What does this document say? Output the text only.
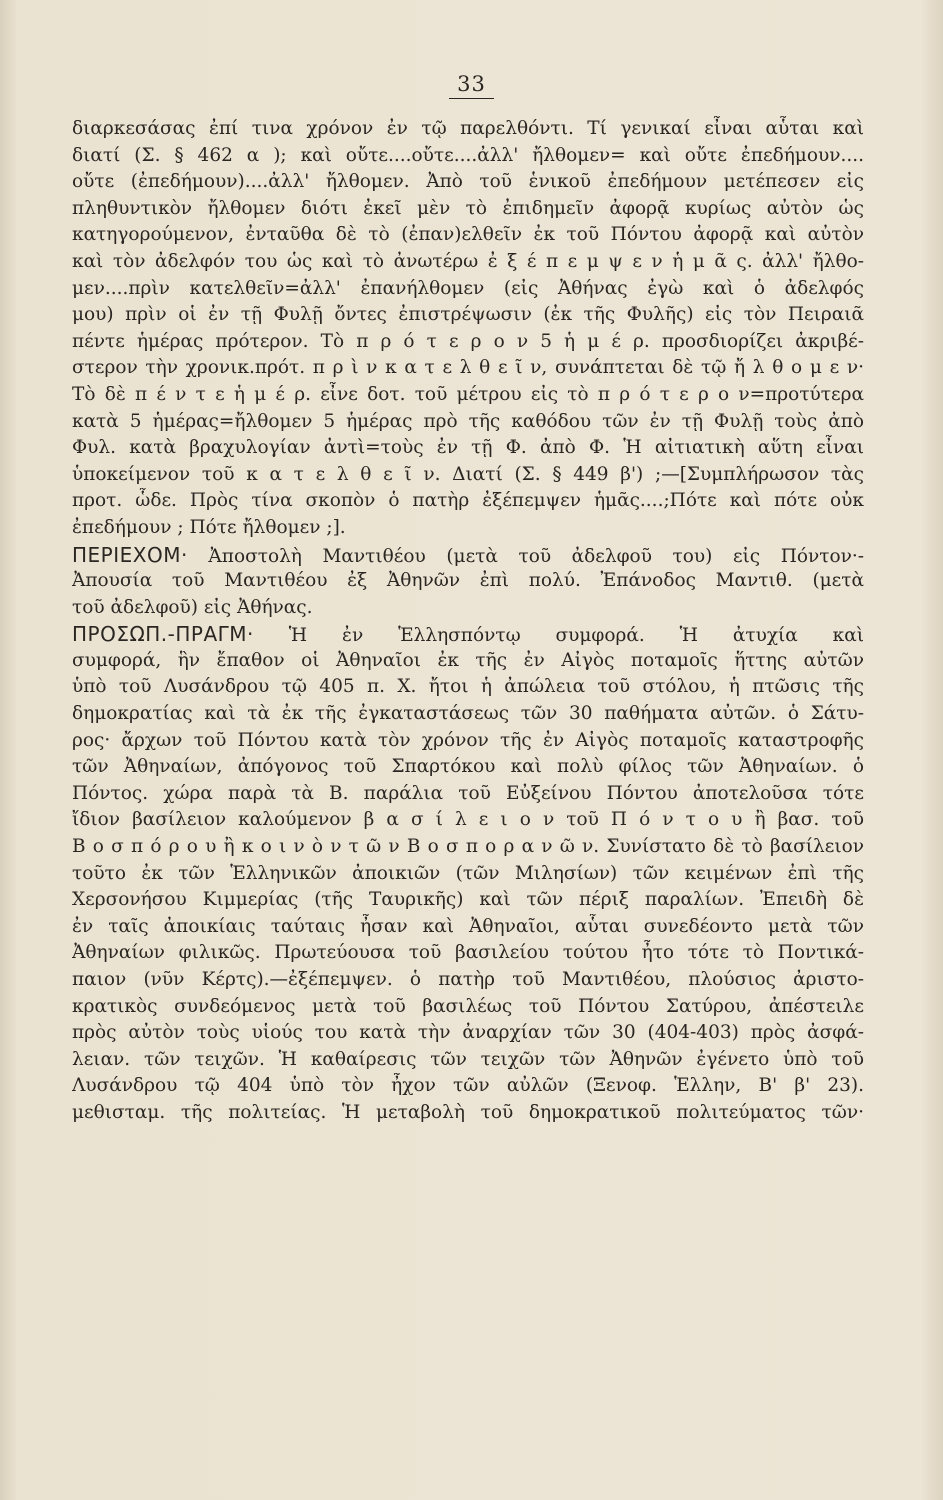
33
διαρκεσάσας ἐπί τινα χρόνον ἐν τῷ παρελθόντι. Τί γενικαί εἶναι αὗται καὶ
διατί (Σ. § 462 α ); καὶ οὔτε....οὔτε....ἀλλ' ἤλθομεν= καὶ οὔτε ἐπεδήμουν....
οὔτε (ἐπεδήμουν)....ἀλλ' ἤλθομεν. Ἀπὸ τοῦ ἑνικοῦ ἐπεδήμουν μετέπεσεν εἰς
πληθυντικὸν ἤλθομεν διότι ἐκεῖ μὲν τὸ ἐπιδημεῖν ἀφορᾷ κυρίως αὐτὸν ὡς
κατηγορούμενον, ἐνταῦθα δὲ τὸ (ἐπαν)ελθεῖν ἐκ τοῦ Πόντου ἀφορᾷ καὶ αὐτὸν
καὶ τὸν ἀδελφόν του ὡς καὶ τὸ ἀνωτέρω ἐ ξ έ π ε μ ψ ε ν ἡ μ ᾶ ς. ἀλλ' ἤλθο-
μεν....πρὶν κατελθεῖν=ἀλλ' ἐπανήλθομεν (εἰς Ἀθήνας ἐγὼ καὶ ὁ ἀδελφός
μου) πρὶν οἱ ἐν τῇ Φυλῇ ὄντες ἐπιστρέψωσιν (ἐκ τῆς Φυλῆς) εἰς τὸν Πειραιᾶ
πέντε ἡμέρας πρότερον. Τὸ π ρ ό τ ε ρ ο ν 5 ἡ μ έ ρ. προσδιορίζει ἀκριβέ-
στερον τὴν χρονικ.πρότ. π ρ ὶ ν κ α τ ε λ θ ε ῖ ν, συνάπτεται δὲ τῷ ἤ λ θ ο μ ε ν·
Τὸ δὲ π έ ν τ ε ἡ μ έ ρ. εἶνε δοτ. τοῦ μέτρου εἰς τὸ π ρ ό τ ε ρ ο ν=προτύτερα
κατὰ 5 ἡμέρας=ἤλθομεν 5 ἡμέρας πρὸ τῆς καθόδου τῶν ἐν τῇ Φυλῇ τοὺς ἀπὸ
Φυλ. κατὰ βραχυλογίαν ἀντὶ=τοὺς ἐν τῇ Φ. ἀπὸ Φ. Ἡ αἰτιατικὴ αὕτη εἶναι
ὑποκείμενον τοῦ κ α τ ε λ θ ε ῖ ν. Διατί (Σ. § 449 β') ;—[Συμπλήρωσον τὰς
προτ. ὧδε. Πρὸς τίνα σκοπὸν ὁ πατὴρ ἐξέπεμψεν ἡμᾶς....;Πότε καὶ πότε οὐκ
ἐπεδήμουν ; Πότε ἤλθομεν ;].
ΠΕΡΙΕΧΟΜ· Ἀποστολὴ Μαντιθέου (μετὰ τοῦ ἀδελφοῦ του) εἰς Πόντον·-
Ἀπουσία τοῦ Μαντιθέου ἐξ Ἀθηνῶν ἐπὶ πολύ. Ἐπάνοδος Μαντιθ. (μετὰ
τοῦ ἀδελφοῦ) εἰς Ἀθήνας.
ΠΡΟΣΩΠ.-ΠΡΑΓΜ· Ἡ ἐν Ἑλλησπόντῳ συμφορά. Ἡ ἀτυχία καὶ
συμφορά, ἣν ἔπαθον οἱ Ἀθηναῖοι ἐκ τῆς ἐν Αἰγὸς ποταμοῖς ἥττης αὐτῶν
ὑπὸ τοῦ Λυσάνδρου τῷ 405 π. Χ. ἤτοι ἡ ἀπώλεια τοῦ στόλου, ἡ πτῶσις τῆς
δημοκρατίας καὶ τὰ ἐκ τῆς ἐγκαταστάσεως τῶν 30 παθήματα αὐτῶν. ὁ Σάτυ-
ρος· ἄρχων τοῦ Πόντου κατὰ τὸν χρόνον τῆς ἐν Αἰγὸς ποταμοῖς καταστροφῆς
τῶν Ἀθηναίων, ἀπόγονος τοῦ Σπαρτόκου καὶ πολὺ φίλος τῶν Ἀθηναίων. ὁ
Πόντος. χώρα παρὰ τὰ Β. παράλια τοῦ Εὐξείνου Πόντου ἀποτελοῦσα τότε
ἴδιον βασίλειον καλούμενον β α σ ί λ ε ι ο ν τοῦ Π ό ν τ ο υ ἢ βασ. τοῦ
Β ο σ π ό ρ ο υ ἢ κ ο ι ν ὸ ν τ ῶ ν Β ο σ π ο ρ α ν ῶ ν. Συνίστατο δὲ τὸ βασίλειον
τοῦτο ἐκ τῶν Ἑλληνικῶν ἀποικιῶν (τῶν Μιλησίων) τῶν κειμένων ἐπὶ τῆς
Χερσονήσου Κιμμερίας (τῆς Ταυρικῆς) καὶ τῶν πέριξ παραλίων. Ἐπειδὴ δὲ
ἐν ταῖς ἀποικίαις ταύταις ἦσαν καὶ Ἀθηναῖοι, αὗται συνεδέοντο μετὰ τῶν
Ἀθηναίων φιλικῶς. Πρωτεύουσα τοῦ βασιλείου τούτου ἦτο τότε τὸ Ποντικά-
παιον (νῦν Κέρτς).—ἐξέπεμψεν. ὁ πατὴρ τοῦ Μαντιθέου, πλούσιος ἀριστο-
κρατικὸς συνδεόμενος μετὰ τοῦ βασιλέως τοῦ Πόντου Σατύρου, ἀπέστειλε
πρὸς αὐτὸν τοὺς υἱούς του κατὰ τὴν ἀναρχίαν τῶν 30 (404-403) πρὸς ἀσφά-
λειαν. τῶν τειχῶν. Ἡ καθαίρεσις τῶν τειχῶν τῶν Ἀθηνῶν ἐγένετο ὑπὸ τοῦ
Λυσάνδρου τῷ 404 ὑπὸ τὸν ἦχον τῶν αὐλῶν (Ξενοφ. Ἑλλην, Β' β' 23).
μεθισταμ. τῆς πολιτείας. Ἡ μεταβολὴ τοῦ δημοκρατικοῦ πολιτεύματος τῶν·
